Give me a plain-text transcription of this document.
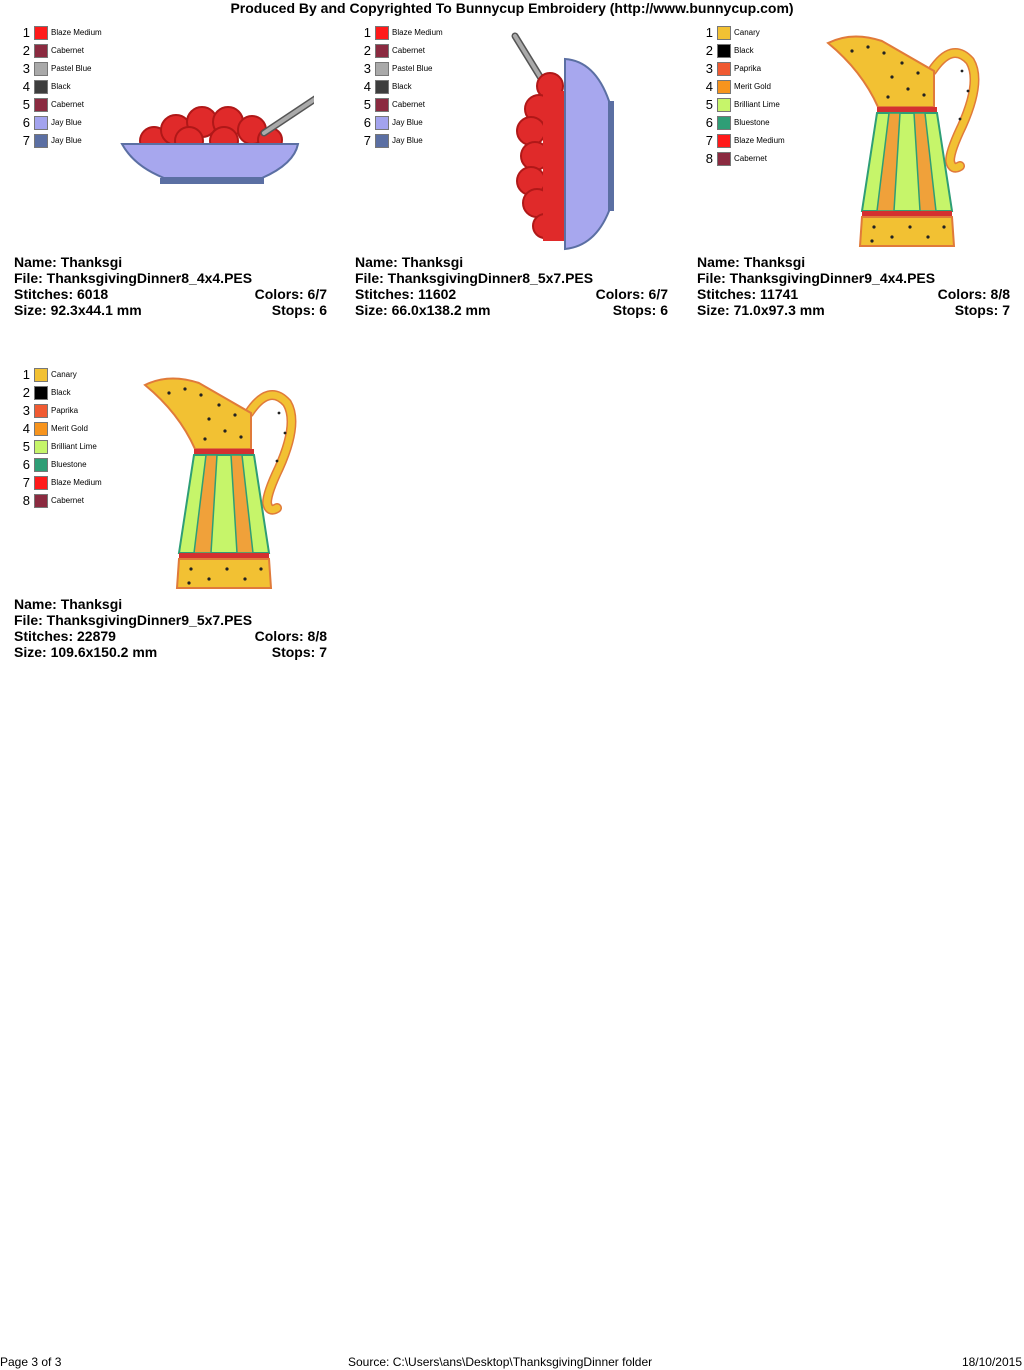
Produced By and Copyrighted To Bunnycup Embroidery (http://www.bunnycup.com)
1	Blaze Medium
2	Cabernet
3	Pastel Blue
4	Black
5	Cabernet
6	Jay Blue
7	Jay Blue
Name: Thanksgi
File: ThanksgivingDinner8_4x4.PES
Stitches: 6018	Colors: 6/7
Size: 92.3x44.1 mm	Stops: 6
1	Blaze Medium
2	Cabernet
3	Pastel Blue
4	Black
5	Cabernet
6	Jay Blue
7	Jay Blue
Name: Thanksgi
File: ThanksgivingDinner8_5x7.PES
Stitches: 11602	Colors: 6/7
Size: 66.0x138.2 mm	Stops: 6
1	Canary
2	Black
3	Paprika
4	Merit Gold
5	Brilliant Lime
6	Bluestone
7	Blaze Medium
8	Cabernet
Name: Thanksgi
File: ThanksgivingDinner9_4x4.PES
Stitches: 11741	Colors: 8/8
Size: 71.0x97.3 mm	Stops: 7
1	Canary
2	Black
3	Paprika
4	Merit Gold
5	Brilliant Lime
6	Bluestone
7	Blaze Medium
8	Cabernet
Name: Thanksgi
File: ThanksgivingDinner9_5x7.PES
Stitches: 22879	Colors: 8/8
Size: 109.6x150.2 mm	Stops: 7
Page 3 of 3	Source: C:\Users\ans\Desktop\ThanksgivingDinner folder	18/10/2015
